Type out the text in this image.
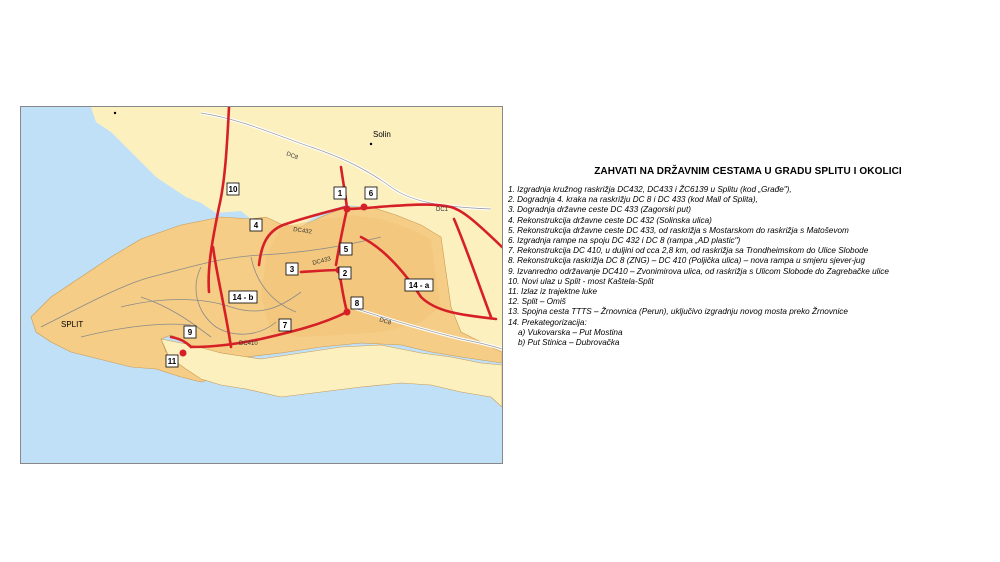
Solin
SPLIT
DC8
DC1
DC432
DC433
DC410
DC8
1
2
3
4
5
6
7
8
9
10
11
14 - a
14 - b
ZAHVATI NA DRŽAVNIM CESTAMA U GRADU SPLITU I OKOLICI
1. Izgradnja kružnog raskrižja DC432, DC433 i ŽC6139 u Splitu (kod „Građe"),
2. Dogradnja 4. kraka na raskrižju DC 8 i DC 433 (kod Mall of Splita),
3. Dogradnja državne ceste DC 433 (Zagorski put)
4. Rekonstrukcija državne ceste DC 432 (Solinska ulica)
5. Rekonstrukcija državne ceste DC 433, od raskrižja s Mostarskom do raskrižja s Matoševom
6. Izgradnja rampe na spoju DC 432 i DC 8 (rampa „AD plastic")
7. Rekonstrukcija DC 410, u duljini od cca 2,8 km, od raskrižja sa Trondheimskom do Ulice Slobode
8. Rekonstrukcija raskrižja DC 8 (ZNG) – DC 410 (Poljička ulica) – nova rampa u smjeru sjever-jug
9. Izvanredno održavanje DC410 – Zvonimirova ulica, od raskrižja s Ulicom Slobode do Zagrebačke ulice
10. Novi ulaz u Split - most Kaštela-Split
11. Izlaz iz trajektne luke
12. Split – Omiš
13. Spojna cesta TTTS – Žrnovnica (Perun), uključivo izgradnju novog mosta preko Žrnovnice
14. Prekategorizacija:
a) Vukovarska – Put Mostina
b) Put Stinica – Dubrovačka
